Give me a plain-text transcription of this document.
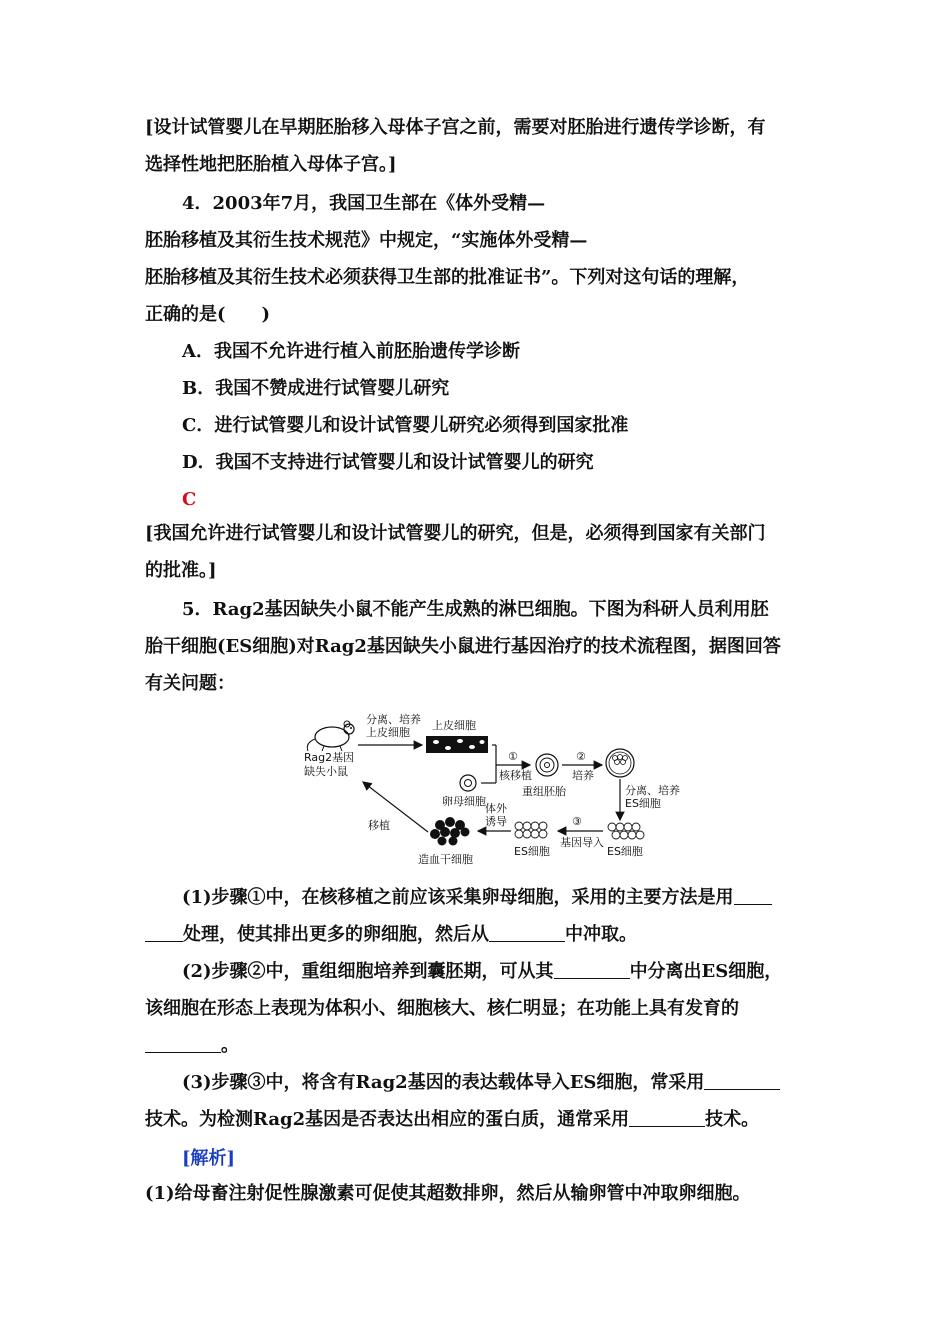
[设计试管婴儿在早期胚胎移入母体子宫之前，需要对胚胎进行遗传学诊断，有
选择性地把胚胎植入母体子宫。]
4．2003年7月，我国卫生部在《体外受精—
胚胎移植及其衍生技术规范》中规定，“实施体外受精—
胚胎移植及其衍生技术必须获得卫生部的批准证书”。下列对这句话的理解，
正确的是(　　)
A．我国不允许进行植入前胚胎遗传学诊断
B．我国不赞成进行试管婴儿研究
C．进行试管婴儿和设计试管婴儿研究必须得到国家批准
D．我国不支持进行试管婴儿和设计试管婴儿的研究
C
[我国允许进行试管婴儿和设计试管婴儿的研究，但是，必须得到国家有关部门
的批准。]
5．Rag2基因缺失小鼠不能产生成熟的淋巴细胞。下图为科研人员利用胚
胎干细胞(ES细胞)对Rag2基因缺失小鼠进行基因治疗的技术流程图，据图回答
有关问题：
Rag2基因
缺失小鼠
分离、培养
上皮细胞
上皮细胞
卵母细胞
①
核移植
重组胚胎
②
培养
分离、培养
ES细胞
ES细胞
③
基因导入
ES细胞
体外
诱导
造血干细胞
移植
(1)步骤①中，在核移植之前应该采集卵母细胞，采用的主要方法是用
处理，使其排出更多的卵细胞，然后从	中冲取。
(2)步骤②中，重组细胞培养到囊胚期，可从其	中分离出ES细胞，
该细胞在形态上表现为体积小、细胞核大、核仁明显；在功能上具有发育的
。
(3)步骤③中，将含有Rag2基因的表达载体导入ES细胞，常采用
技术。为检测Rag2基因是否表达出相应的蛋白质，通常采用	技术。
[解析]
(1)给母畜注射促性腺激素可促使其超数排卵，然后从输卵管中冲取卵细胞。
